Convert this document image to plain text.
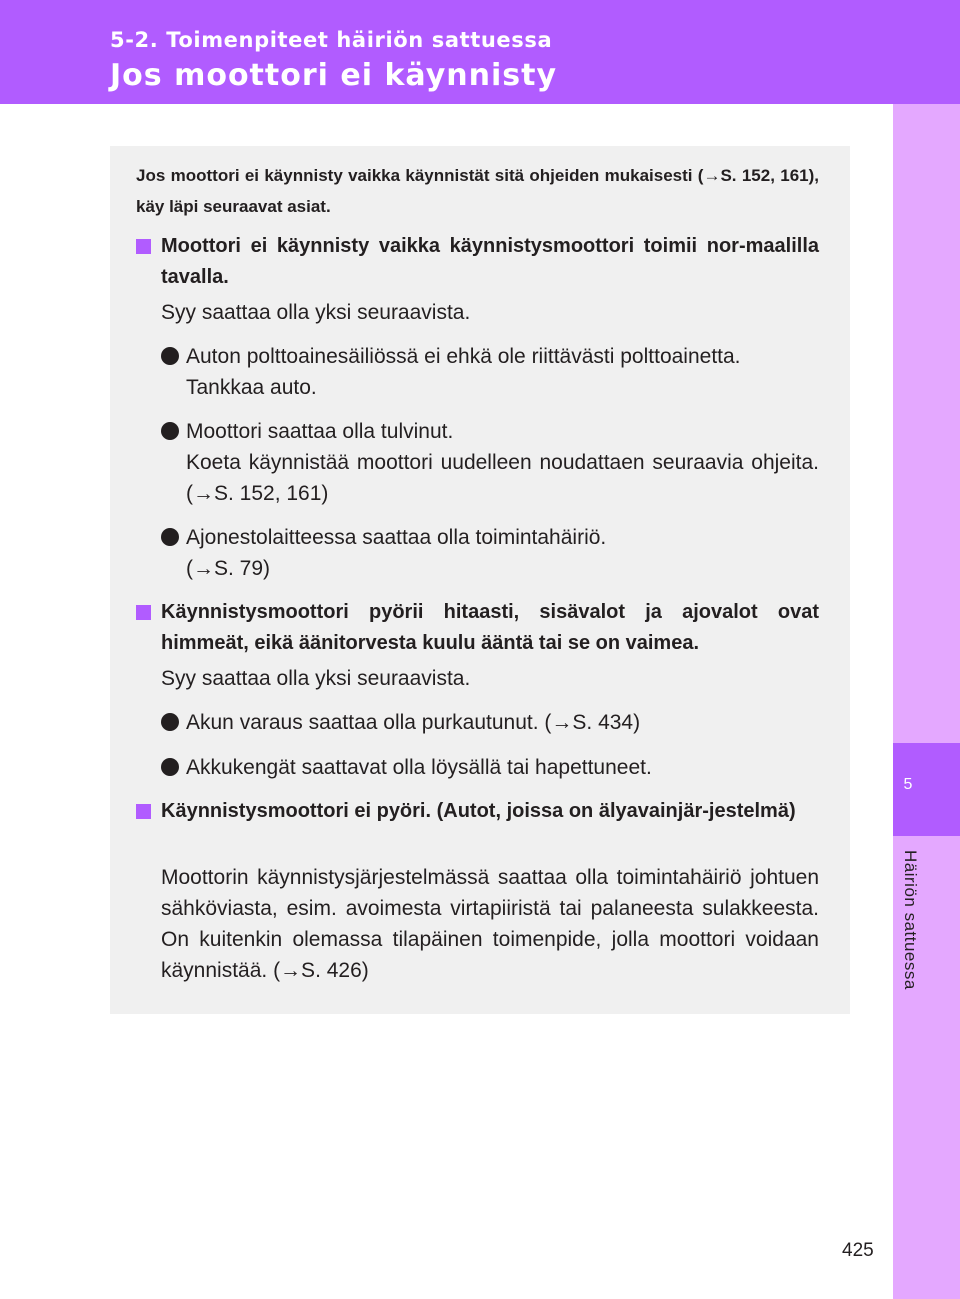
5-2. Toimenpiteet häiriön sattuessa
Jos moottori ei käynnisty
5
Häiriön sattuessa
Jos moottori ei käynnisty vaikka käynnistät sitä ohjeiden mukaisesti (→S. 152, 161), käy läpi seuraavat asiat.
Moottori ei käynnisty vaikka käynnistysmoottori toimii nor-maalilla tavalla.
Syy saattaa olla yksi seuraavista.
Auton polttoainesäiliössä ei ehkä ole riittävästi polttoainetta.
Tankkaa auto.
Moottori saattaa olla tulvinut.
Koeta käynnistää moottori uudelleen noudattaen seuraavia ohjeita. (→S. 152, 161)
Ajonestolaitteessa saattaa olla toimintahäiriö.
(→S. 79)
Käynnistysmoottori pyörii hitaasti, sisävalot ja ajovalot ovat himmeät, eikä äänitorvesta kuulu ääntä tai se on vaimea.
Syy saattaa olla yksi seuraavista.
Akun varaus saattaa olla purkautunut. (→S. 434)
Akkukengät saattavat olla löysällä tai hapettuneet.
Käynnistysmoottori ei pyöri. (Autot, joissa on älyavainjär-jestelmä)
Moottorin käynnistysjärjestelmässä saattaa olla toimintahäiriö johtuen sähköviasta, esim. avoimesta virtapiiristä tai palaneesta sulakkeesta. On kuitenkin olemassa tilapäinen toimenpide, jolla moottori voidaan käynnistää. (→S. 426)
425
